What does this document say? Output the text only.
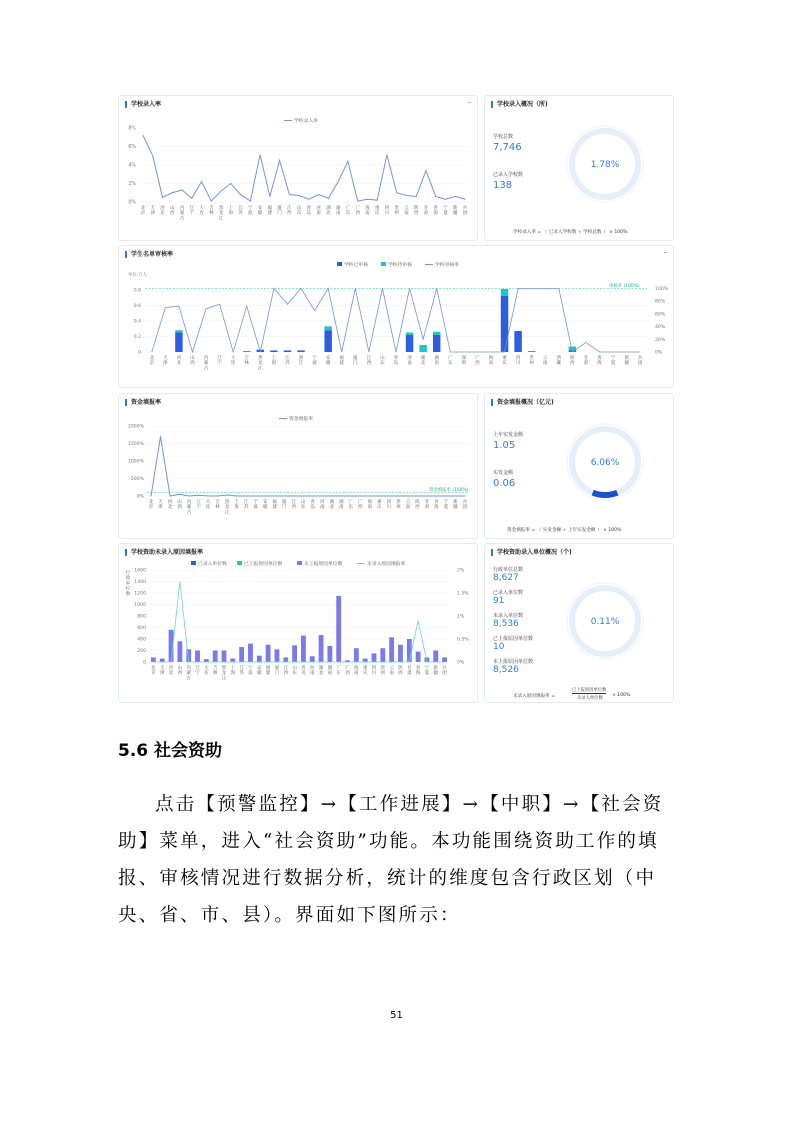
学校录入率	···
学校录入率
0%
2%
4%
6%
8%
北
京
天
津
河
北
山
西
内
蒙
古
辽
宁
大
连
吉
林
黑
龙
江
上
海
江
苏
宁
波
安
徽
福
建
厦
门
江
西
山
东
青
岛
河
南
湖
北
湖
南
广
东
广
西
海
南
重
庆
四
川
贵
州
云
南
陕
西
甘
肃
青
海
宁
夏
新
疆
兵
团
学校录入概况（所)
学校总数
7,746
已录入学校数
138
1.78%
学校录入率 = （ 已录入学校数 ÷ 学校总数 ） × 100%
学生名单审核率	···
学校已审核	学校待审核	学校审核率
单位:万人
0
0.2
0.4
0.6
0.8
0%
20%
40%
60%
80%
100%
审核率 (100%)
北
京
天
津
河
北
山
西
内
蒙
古
辽
宁
大
连
吉
林
黑
龙
江
上
海
江
苏
浙
江
宁
波
安
徽
福
建
厦
门
江
西
山
东
青
岛
河
南
湖
北
湖
南
广
东
深
圳
广
西
海
南
重
庆
四
川
贵
州
云
南
西
藏
陕
西
甘
肃
青
海
宁
夏
新
疆
兵
团
资金填报率
资金填报率
0%
500%
1000%
1500%
2000%
资金填报率 (100%)
北
京
天
津
河
北
山
西
内
蒙
古
辽
宁
大
连
吉
林
黑
龙
江
上
海
江
苏
宁
波
安
徽
福
建
厦
门
江
西
山
东
青
岛
河
南
湖
北
湖
南
广
东
广
西
海
南
重
庆
四
川
贵
州
云
南
陕
西
甘
肃
青
海
宁
夏
新
疆
兵
团
资金填报概况（亿元)
上年实发金额
1.05
实发金额
0.06
6.06%
资金填报率 = （ 实发金额 ÷ 上年实发金额 ） × 100%
学校资助未录入原因填报率
已录入单位数	已上报原因单位数	未上报原因单位数	未录入原因填报率
行
政
单
位
数
0
200
400
600
800
1000
1200
1400
1600
0%
0.5%
1%
1.5%
2%
北
京
天
津
河
北
山
西
内
蒙
古
辽
宁
大
连
吉
林
黑
龙
江
上
海
江
苏
宁
波
安
徽
福
建
厦
门
江
西
山
东
青
岛
河
南
湖
北
湖
南
广
东
广
西
海
南
重
庆
四
川
贵
州
云
南
陕
西
甘
肃
青
海
宁
夏
新
疆
兵
团
学校资助录入单位概况（个)
行政单位总数
8,627
已录入单位数
91
未录入单位数
8,536
已上报原因单位数
10
未上报原因单位数
8,526
0.11%
未录入原因填报率 =
已上报原因单位数
未录入单位数
× 100%
5.6 社会资助
点击【预警监控】→【工作进展】→【中职】→【社会资助】菜单，进入“社会资助”功能。本功能围绕资助工作的填报、审核情况进行数据分析，统计的维度包含行政区划（中央、省、市、县）。界面如下图所示：
51
